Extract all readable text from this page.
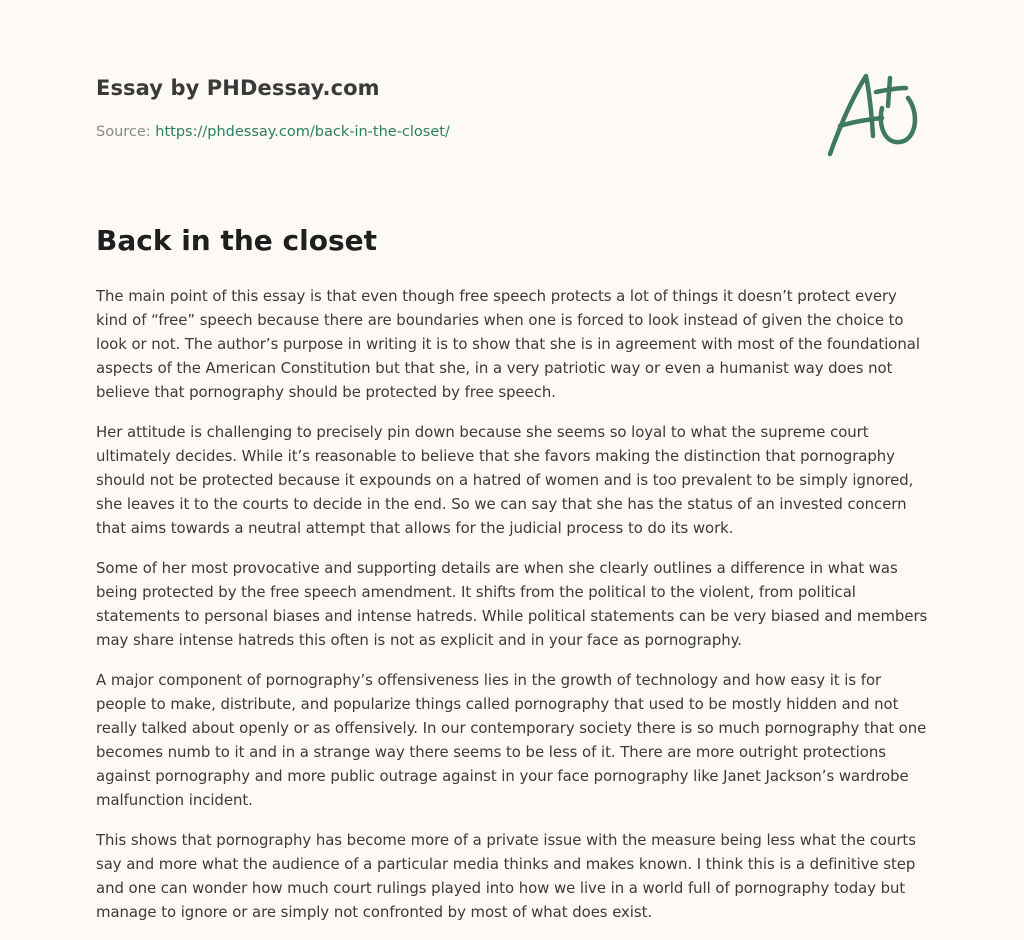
Essay by PHDessay.com
Source: https://phdessay.com/back-in-the-closet/
Back in the closet

The main point of this essay is that even though free speech protects a lot of things it doesn’t protect every kind of “free” speech because there are boundaries when one is forced to look instead of given the choice to look or not. The author’s purpose in writing it is to show that she is in agreement with most of the foundational aspects of the American Constitution but that she, in a very patriotic way or even a humanist way does not believe that pornography should be protected by free speech.

Her attitude is challenging to precisely pin down because she seems so loyal to what the supreme court ultimately decides. While it’s reasonable to believe that she favors making the distinction that pornography should not be protected because it expounds on a hatred of women and is too prevalent to be simply ignored, she leaves it to the courts to decide in the end. So we can say that she has the status of an invested concern that aims towards a neutral attempt that allows for the judicial process to do its work.

Some of her most provocative and supporting details are when she clearly outlines a difference in what was being protected by the free speech amendment. It shifts from the political to the violent, from political statements to personal biases and intense hatreds. While political statements can be very biased and members may share intense hatreds this often is not as explicit and in your face as pornography.

A major component of pornography’s offensiveness lies in the growth of technology and how easy it is for people to make, distribute, and popularize things called pornography that used to be mostly hidden and not really talked about openly or as offensively. In our contemporary society there is so much pornography that one becomes numb to it and in a strange way there seems to be less of it. There are more outright protections against pornography and more public outrage against in your face pornography like Janet Jackson’s wardrobe malfunction incident.

This shows that pornography has become more of a private issue with the measure being less what the courts say and more what the audience of a particular media thinks and makes known. I think this is a definitive step and one can wonder how much court rulings played into how we live in a world full of pornography today but manage to ignore or are simply not confronted by most of what does exist.
